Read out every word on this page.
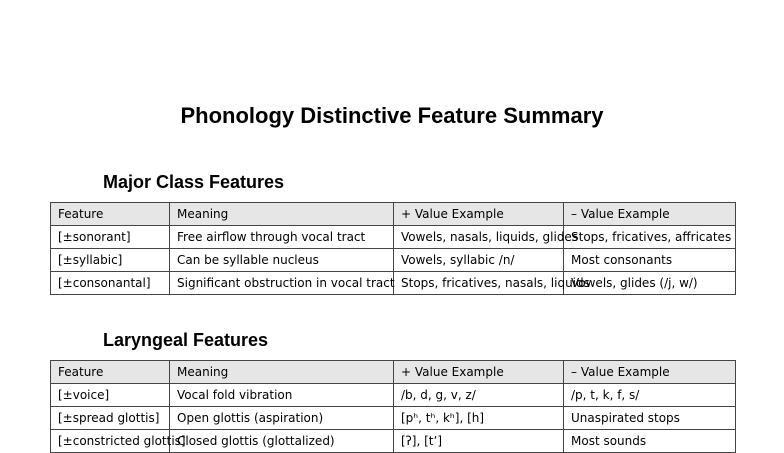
Phonology Distinctive Feature Summary
Major Class Features
Feature	Meaning	+ Value Example	– Value Example
[±sonorant]	Free airflow through vocal tract	Vowels, nasals, liquids, glides	Stops, fricatives, affricates
[±syllabic]	Can be syllable nucleus	Vowels, syllabic /n/	Most consonants
[±consonantal]	Significant obstruction in vocal tract	Stops, fricatives, nasals, liquids	Vowels, glides (/j, w/)
Laryngeal Features
Feature	Meaning	+ Value Example	– Value Example
[±voice]	Vocal fold vibration	/b, d, g, v, z/	/p, t, k, f, s/
[±spread glottis]	Open glottis (aspiration)	[pʰ, tʰ, kʰ], [h]	Unaspirated stops
[±constricted glottis]	Closed glottis (glottalized)	[ʔ], [tʼ]	Most sounds
